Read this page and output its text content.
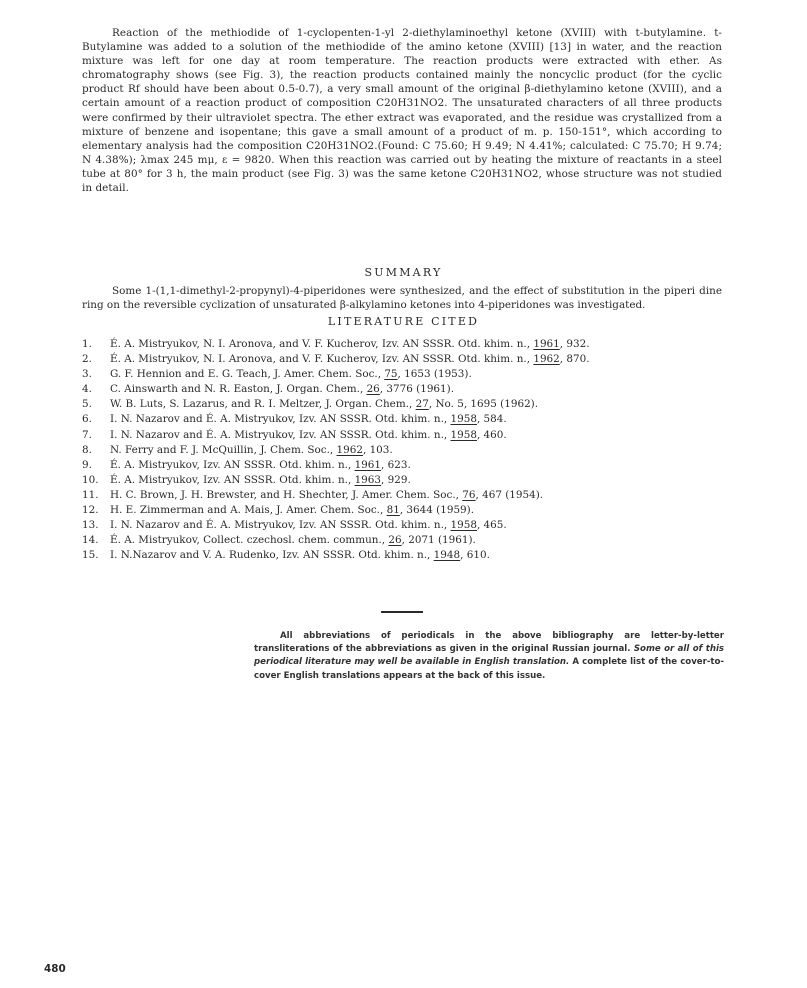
Reaction of the methiodide of 1-cyclopenten-1-yl 2-diethylaminoethyl ketone (XVIII) with t-butylamine. t-Butylamine was added to a solution of the methiodide of the amino ketone (XVIII) [13] in water, and the reaction mixture was left for one day at room temperature. The reaction products were extracted with ether. As chromatography shows (see Fig. 3), the reaction products contained mainly the noncyclic product (for the cyclic product Rf should have been about 0.5-0.7), a very small amount of the original β-diethylamino ketone (XVIII), and a certain amount of a reaction product of composition C20H31NO2. The unsaturated characters of all three products were confirmed by their ultraviolet spectra. The ether extract was evaporated, and the residue was crystallized from a mixture of benzene and isopentane; this gave a small amount of a product of m. p. 150-151°, which according to elementary analysis had the composition C20H31NO2.(Found: C 75.60; H 9.49; N 4.41%; calculated: C 75.70; H 9.74; N 4.38%); λmax 245 mμ, ε = 9820. When this reaction was carried out by heating the mixture of reactants in a steel tube at 80° for 3 h, the main product (see Fig. 3) was the same ketone C20H31NO2, whose structure was not studied in detail.

SUMMARY

Some 1-(1,1-dimethyl-2-propynyl)-4-piperidones were synthesized, and the effect of substitution in the piperi dine ring on the reversible cyclization of unsaturated β-alkylamino ketones into 4-piperidones was investigated.

LITERATURE CITED
1.	É. A. Mistryukov, N. I. Aronova, and V. F. Kucherov, Izv. AN SSSR. Otd. khim. n., 1961, 932.
2.	É. A. Mistryukov, N. I. Aronova, and V. F. Kucherov, Izv. AN SSSR. Otd. khim. n., 1962, 870.
3.	G. F. Hennion and E. G. Teach, J. Amer. Chem. Soc., 75, 1653 (1953).
4.	C. Ainswarth and N. R. Easton, J. Organ. Chem., 26, 3776 (1961).
5.	W. B. Luts, S. Lazarus, and R. I. Meltzer, J. Organ. Chem., 27, No. 5, 1695 (1962).
6.	I. N. Nazarov and É. A. Mistryukov, Izv. AN SSSR. Otd. khim. n., 1958, 584.
7.	I. N. Nazarov and É. A. Mistryukov, Izv. AN SSSR. Otd. khim. n., 1958, 460.
8.	N. Ferry and F. J. McQuillin, J. Chem. Soc., 1962, 103.
9.	É. A. Mistryukov, Izv. AN SSSR. Otd. khim. n., 1961, 623.
10.	É. A. Mistryukov, Izv. AN SSSR. Otd. khim. n., 1963, 929.
11.	H. C. Brown, J. H. Brewster, and H. Shechter, J. Amer. Chem. Soc., 76, 467 (1954).
12.	H. E. Zimmerman and A. Mais, J. Amer. Chem. Soc., 81, 3644 (1959).
13.	I. N. Nazarov and É. A. Mistryukov, Izv. AN SSSR. Otd. khim. n., 1958, 465.
14.	É. A. Mistryukov, Collect. czechosl. chem. commun., 26, 2071 (1961).
15.	I. N.Nazarov and V. A. Rudenko, Izv. AN SSSR. Otd. khim. n., 1948, 610.

All abbreviations of periodicals in the above bibliography are letter-by-letter transliterations of the abbreviations as given in the original Russian journal. Some or all of this periodical literature may well be available in English translation. A complete list of the cover-to-cover English translations appears at the back of this issue.

480
